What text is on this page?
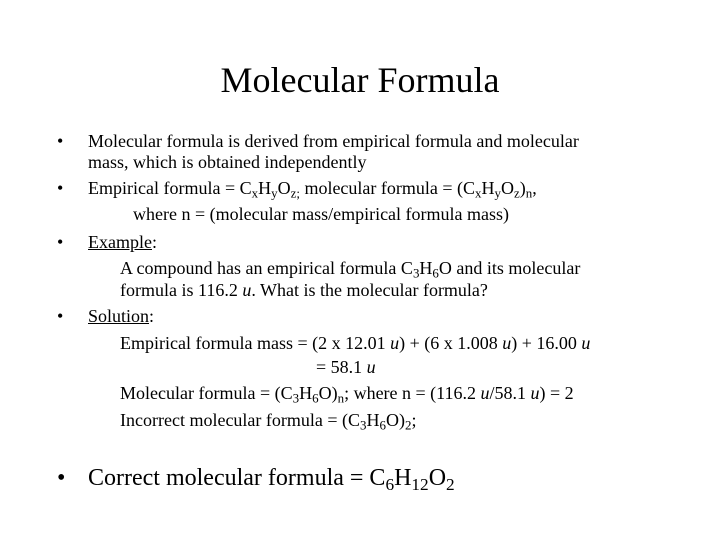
Molecular Formula
• Molecular formula is derived from empirical formula and molecular
mass, which is obtained independently
• Empirical formula = $C_xH_yO_{z;}$ molecular formula = $(C_xH_yO_z)_n$,
where n = (molecular mass/empirical formula mass)
• Example:
A compound has an empirical formula $C_3H_6O$ and its molecular
formula is 116.2 u. What is the molecular formula?
• Solution:
Empirical formula mass = (2 x 12.01 u) + (6 x 1.008 u) + 16.00 u
= 58.1 u
Molecular formula = $(C_3H_6O)_n$; where n = (116.2 u/58.1 u) = 2
Incorrect molecular formula = $(C_3H_6O)_2$;
• Correct molecular formula = $C_6H_{12}O_2$
